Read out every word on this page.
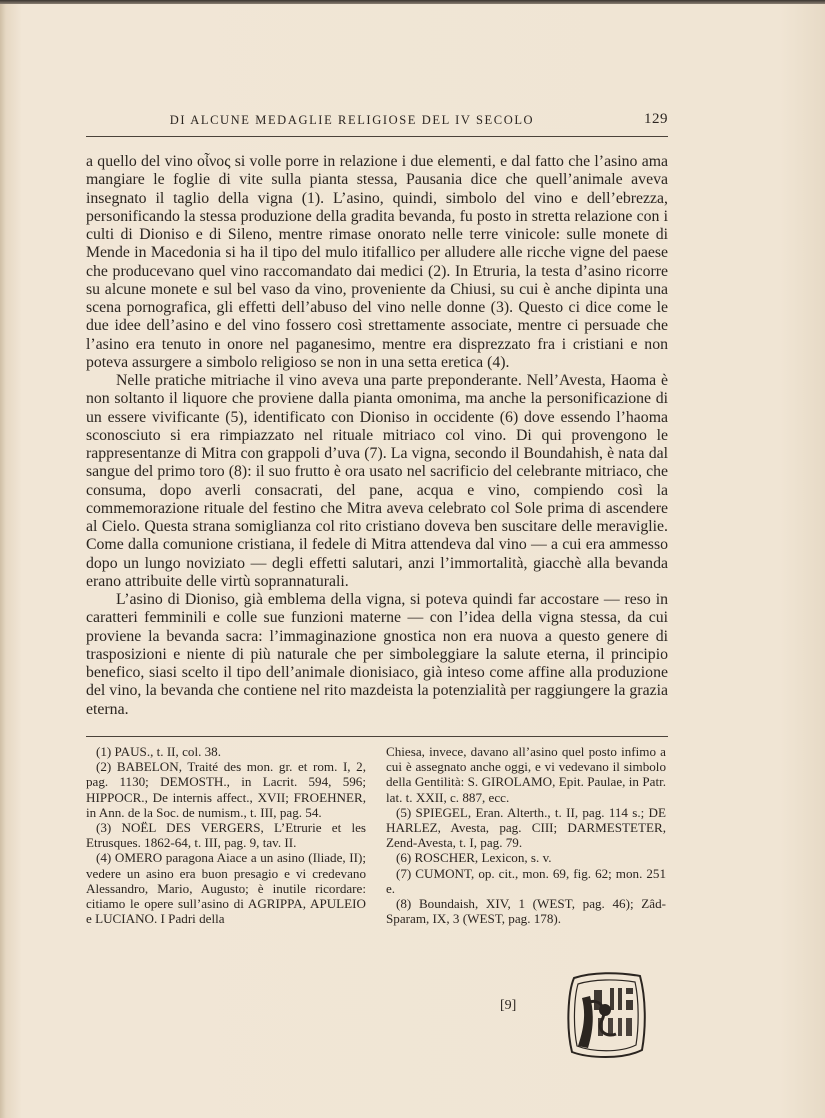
DI ALCUNE MEDAGLIE RELIGIOSE DEL IV SECOLO	129

a quello del vino οἶνος si volle porre in relazione i due elementi, e dal fatto che l’asino ama mangiare le foglie di vite sulla pianta stessa, Pausania dice che quell’animale aveva insegnato il taglio della vigna (1). L’asino, quindi, simbolo del vino e dell’ebrezza, personificando la stessa produzione della gradita bevanda, fu posto in stretta relazione con i culti di Dioniso e di Sileno, mentre rimase onorato nelle terre vinicole: sulle monete di Mende in Macedonia si ha il tipo del mulo itifallico per alludere alle ricche vigne del paese che producevano quel vino raccomandato dai medici (2). In Etruria, la testa d’asino ricorre su alcune monete e sul bel vaso da vino, proveniente da Chiusi, su cui è anche dipinta una scena pornografica, gli effetti dell’abuso del vino nelle donne (3). Questo ci dice come le due idee dell’asino e del vino fossero così strettamente associate, mentre ci persuade che l’asino era tenuto in onore nel paganesimo, mentre era disprezzato fra i cristiani e non poteva assurgere a simbolo religioso se non in una setta eretica (4).

Nelle pratiche mitriache il vino aveva una parte preponderante. Nell’Avesta, Haoma è non soltanto il liquore che proviene dalla pianta omonima, ma anche la personificazione di un essere vivificante (5), identificato con Dioniso in occidente (6) dove essendo l’haoma sconosciuto si era rimpiazzato nel rituale mitriaco col vino. Di qui provengono le rappresentanze di Mitra con grappoli d’uva (7). La vigna, secondo il Boundahish, è nata dal sangue del primo toro (8): il suo frutto è ora usato nel sacrificio del celebrante mitriaco, che consuma, dopo averli consacrati, del pane, acqua e vino, compiendo così la commemorazione rituale del festino che Mitra aveva celebrato col Sole prima di ascendere al Cielo. Questa strana somiglianza col rito cristiano doveva ben suscitare delle meraviglie. Come dalla comunione cristiana, il fedele di Mitra attendeva dal vino — a cui era ammesso dopo un lungo noviziato — degli effetti salutari, anzi l’immortalità, giacchè alla bevanda erano attribuite delle virtù soprannaturali.

L’asino di Dioniso, già emblema della vigna, si poteva quindi far accostare — reso in caratteri femminili e colle sue funzioni materne — con l’idea della vigna stessa, da cui proviene la bevanda sacra: l’immaginazione gnostica non era nuova a questo genere di trasposizioni e niente di più naturale che per simboleggiare la salute eterna, il principio benefico, siasi scelto il tipo dell’animale dionisiaco, già inteso come affine alla produzione del vino, la bevanda che contiene nel rito mazdeista la potenzialità per raggiungere la grazia eterna.

(1) PAUS., t. II, col. 38.

(2) BABELON, Traité des mon. gr. et rom. I, 2, pag. 1130; DEMOSTH., in Lacrit. 594, 596; HIPPOCR., De internis affect., XVII; FROEHNER, in Ann. de la Soc. de numism., t. III, pag. 54.

(3) NOËL DES VERGERS, L’Etrurie et les Etrusques. 1862-64, t. III, pag. 9, tav. II.

(4) OMERO paragona Aiace a un asino (Iliade, II); vedere un asino era buon presagio e vi credevano Alessandro, Mario, Augusto; è inutile ricordare: citiamo le opere sull’asino di AGRIPPA, APULEIO e LUCIANO. I Padri della

Chiesa, invece, davano all’asino quel posto infimo a cui è assegnato anche oggi, e vi vedevano il simbolo della Gentilità: S. GIROLAMO, Epit. Paulae, in Patr. lat. t. XXII, c. 887, ecc.

(5) SPIEGEL, Eran. Alterth., t. II, pag. 114 s.; DE HARLEZ, Avesta, pag. CIII; DARMESTETER, Zend-Avesta, t. I, pag. 79.

(6) ROSCHER, Lexicon, s. v.

(7) CUMONT, op. cit., mon. 69, fig. 62; mon. 251 e.

(8) Boundaish, XIV, 1 (WEST, pag. 46); Zâd-Sparam, IX, 3 (WEST, pag. 178).

[9]
